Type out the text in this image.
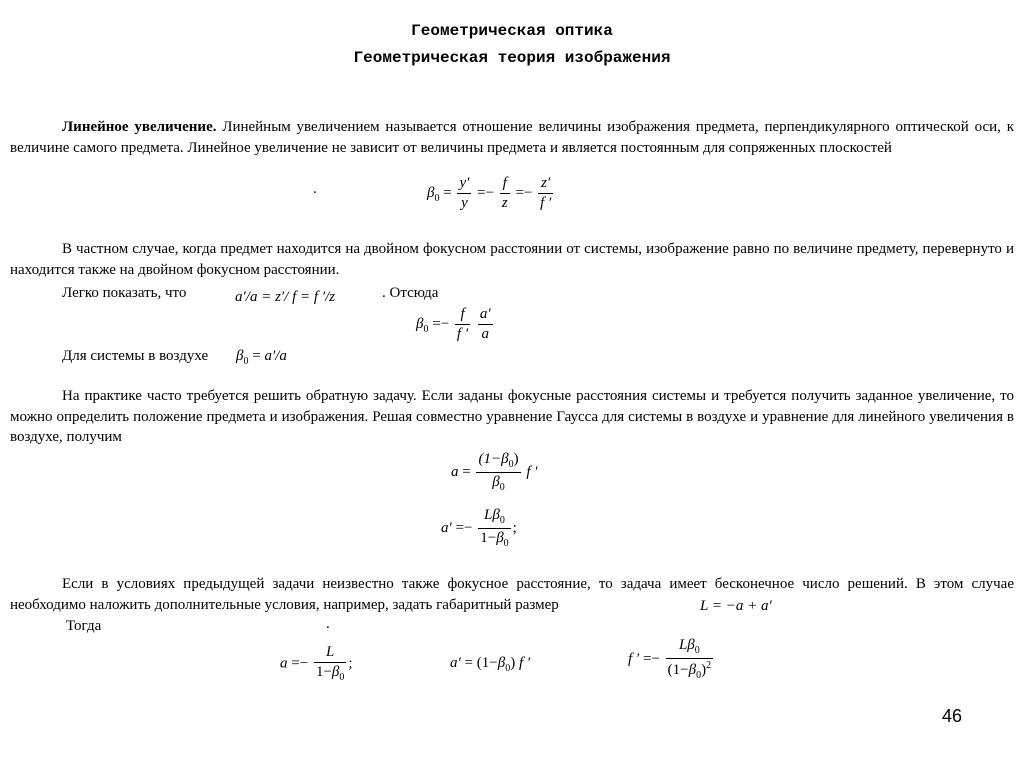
Геометрическая оптика
Геометрическая теория изображения
Линейное увеличение. Линейным увеличением называется отношение величины изображения предмета, перпендикулярного оптической оси, к величине самого предмета. Линейное увеличение не зависит от величины предмета и является постоянным для сопряженных плоскостей
.	$\beta_0 = \frac{y'}{y} =- \frac{f}{z} =- \frac{z'}{f '}$
В частном случае, когда предмет находится на двойном фокусном расстоянии от системы, изображение равно по величине предмету, перевернуто и находится также на двойном фокусном расстоянии.
Легко показать, что	a′/a = z′/ f = f ′/z	. Отсюда
$\beta_0 =- \frac{f}{f '}$
$\frac{a'}{a}$
Для системы в воздухе $\beta_0 = a'/a$
На практике часто требуется решить обратную задачу. Если заданы фокусные расстояния системы и требуется получить заданное увеличение, то можно определить положение предмета и изображения. Решая совместно уравнение Гаусса для системы в воздухе и уравнение для линейного увеличения в воздухе, получим
$a = \frac{(1-\beta_0)}{\beta_0}$ f ′
$a' =- \frac{L\beta_0}{1-\beta_0}$ ;
Если в условиях предыдущей задачи неизвестно также фокусное расстояние, то задача имеет бесконечное число решений. В этом случае необходимо наложить дополнительные условия, например, задать габаритный размер	L = −a + a′
Тогда	.
$a =- \frac{L}{1-\beta_0}$ ;	$a' = (1-\beta_0)$ f ′	f ′ =− $\frac{L\beta_0}{(1-\beta_0)^2}$
46
